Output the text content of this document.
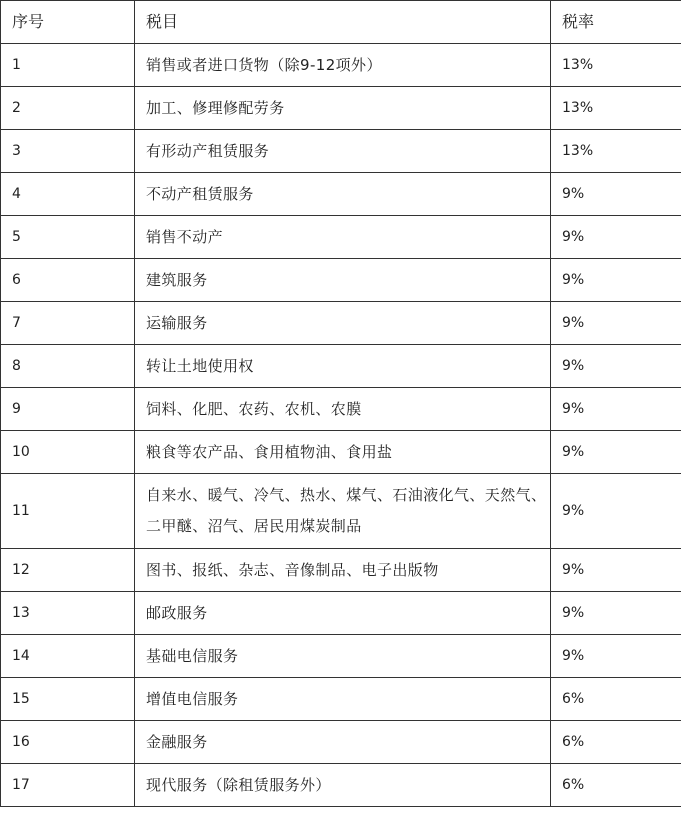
序号	税目	税率
1	销售或者进口货物（除9-12项外）	13%
2	加工、修理修配劳务	13%
3	有形动产租赁服务	13%
4	不动产租赁服务	9%
5	销售不动产	9%
6	建筑服务	9%
7	运输服务	9%
8	转让土地使用权	9%
9	饲料、化肥、农药、农机、农膜	9%
10	粮食等农产品、食用植物油、食用盐	9%
11	自来水、暖气、冷气、热水、煤气、石油液化气、天然气、二甲醚、沼气、居民用煤炭制品	9%
12	图书、报纸、杂志、音像制品、电子出版物	9%
13	邮政服务	9%
14	基础电信服务	9%
15	增值电信服务	6%
16	金融服务	6%
17	现代服务（除租赁服务外）	6%
